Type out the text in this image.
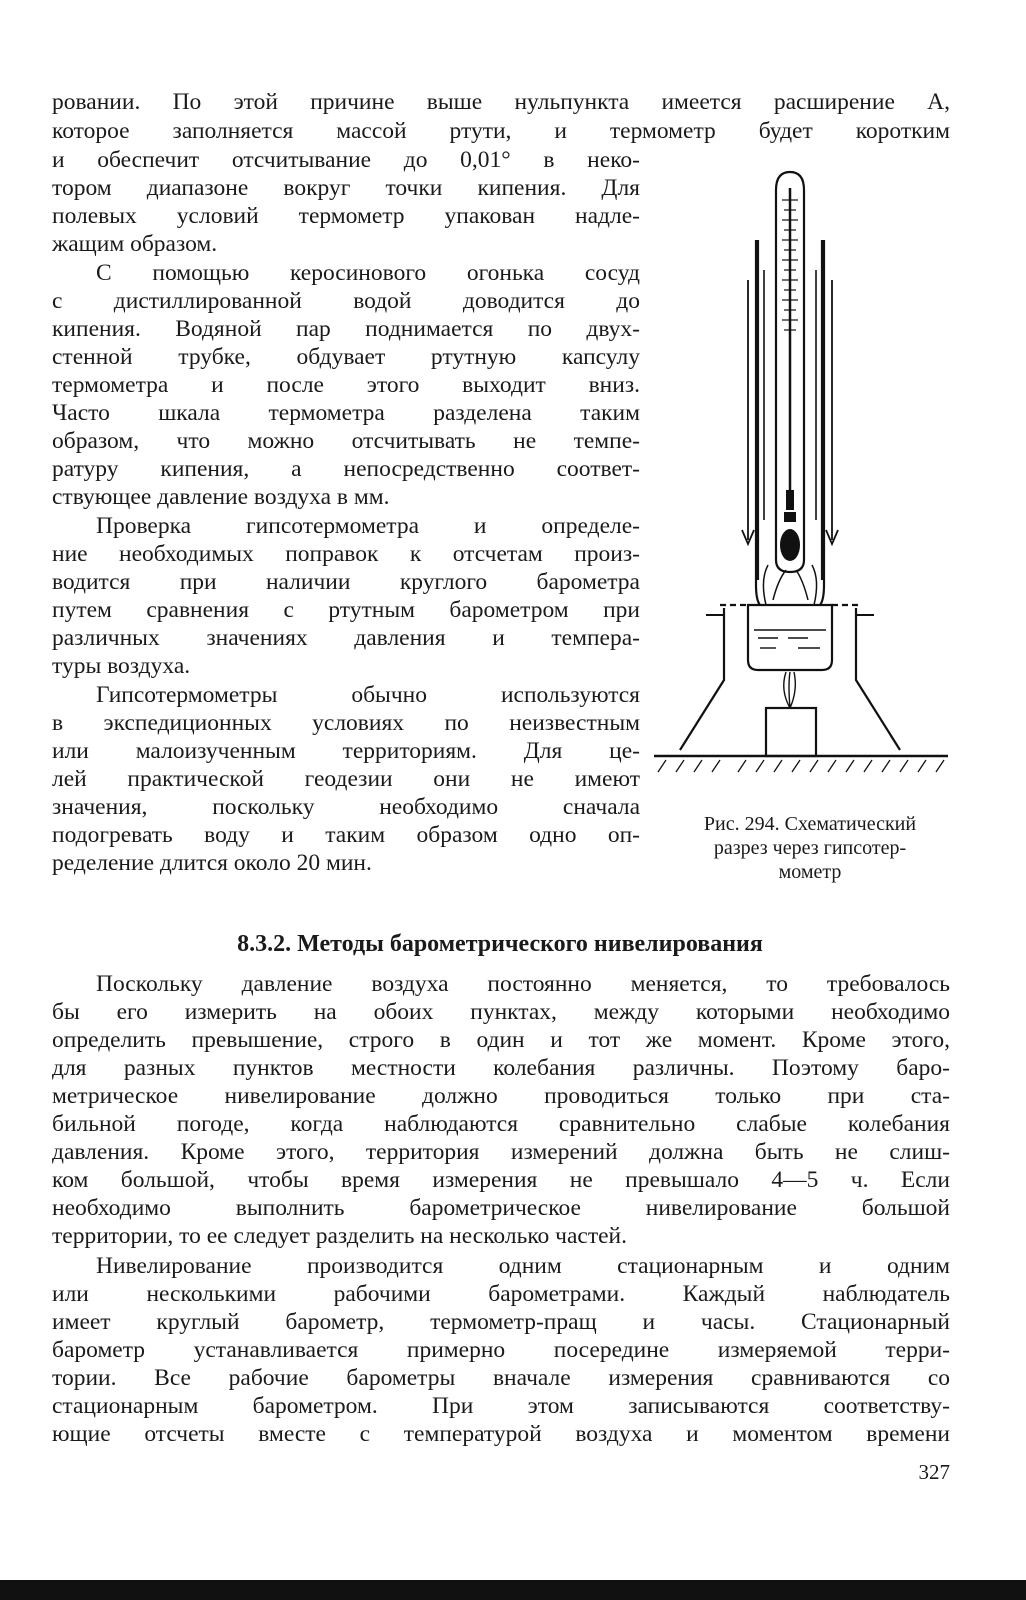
ровании. По этой причине выше нульпункта имеется расширение А,
которое заполняется массой ртути, и термометр будет коротким
и обеспечит отсчитывание до 0,01° в неко-
тором диапазоне вокруг точки кипения. Для
полевых условий термометр упакован надле-
жащим образом.
С помощью керосинового огонька сосуд
с дистиллированной водой доводится до
кипения. Водяной пар поднимается по двух-
стенной трубке, обдувает ртутную капсулу
термометра и после этого выходит вниз.
Часто шкала термометра разделена таким
образом, что можно отсчитывать не темпе-
ратуру кипения, а непосредственно соответ-
ствующее давление воздуха в мм.
Проверка гипсотермометра и определе-
ние необходимых поправок к отсчетам произ-
водится при наличии круглого барометра
путем сравнения с ртутным барометром при
различных значениях давления и темпера-
туры воздуха.
Гипсотермометры обычно используются
в экспедиционных условиях по неизвестным
или малоизученным территориям. Для це-
лей практической геодезии они не имеют
значения, поскольку необходимо сначала
подогревать воду и таким образом одно оп-
ределение длится около 20 мин.
Рис. 294. Схематический
разрез через гипсотер-
мометр
8.3.2. Методы барометрического нивелирования
Поскольку давление воздуха постоянно меняется, то требовалось
бы его измерить на обоих пунктах, между которыми необходимо
определить превышение, строго в один и тот же момент. Кроме этого,
для разных пунктов местности колебания различны. Поэтому баро-
метрическое нивелирование должно проводиться только при ста-
бильной погоде, когда наблюдаются сравнительно слабые колебания
давления. Кроме этого, территория измерений должна быть не слиш-
ком большой, чтобы время измерения не превышало 4—5 ч. Если
необходимо выполнить барометрическое нивелирование большой
территории, то ее следует разделить на несколько частей.
Нивелирование производится одним стационарным и одним
или несколькими рабочими барометрами. Каждый наблюдатель
имеет круглый барометр, термометр-пращ и часы. Стационарный
барометр устанавливается примерно посередине измеряемой терри-
тории. Все рабочие барометры вначале измерения сравниваются со
стационарным барометром. При этом записываются соответству-
ющие отсчеты вместе с температурой воздуха и моментом времени
327
